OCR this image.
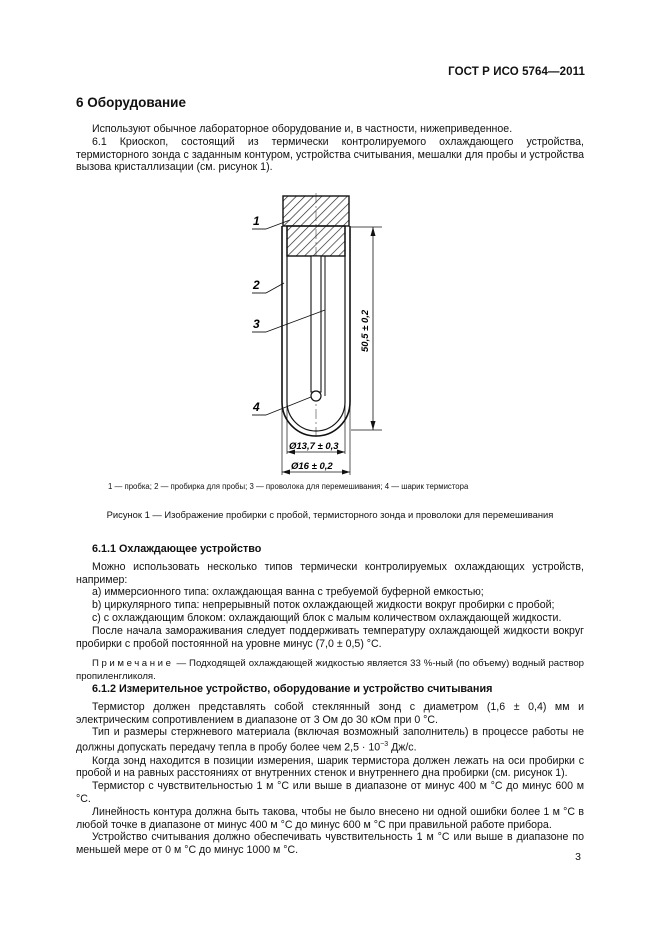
ГОСТ Р ИСО 5764—2011
6 Оборудование

Используют обычное лабораторное оборудование и, в частности, нижеприведенное.

6.1 Криоскоп, состоящий из термически контролируемого охлаждающего устройства, термисторного зонда с заданным контуром, устройства считывания, мешалки для пробы и устройства вызова кристаллизации (см. рисунок 1).

1
2
3
4
50,5 ± 0,2
Ø13,7 ± 0,3
Ø16 ± 0,2
1 — пробка; 2 — пробирка для пробы; 3 — проволока для перемешивания; 4 — шарик термистора
Рисунок 1 — Изображение пробирки с пробой, термисторного зонда и проволоки для перемешивания

6.1.1 Охлаждающее устройство

Можно использовать несколько типов термически контролируемых охлаждающих устройств, например:

a) иммерсионного типа: охлаждающая ванна с требуемой буферной емкостью;

b) циркулярного типа: непрерывный поток охлаждающей жидкости вокруг пробирки с пробой;

c) с охлаждающим блоком: охлаждающий блок с малым количеством охлаждающей жидкости.

После начала замораживания следует поддерживать температуру охлаждающей жидкости вокруг пробирки с пробой постоянной на уровне минус (7,0 ± 0,5) °С.

Примечание — Подходящей охлаждающей жидкостью является 33 %-ный (по объему) водный раствор пропиленгликоля.

6.1.2 Измерительное устройство, оборудование и устройство считывания

Термистор должен представлять собой стеклянный зонд с диаметром (1,6 ± 0,4) мм и электрическим сопротивлением в диапазоне от 3 Ом до 30 кОм при 0 °С.

Тип и размеры стержневого материала (включая возможный заполнитель) в процессе работы не должны допускать передачу тепла в пробу более чем $2,5 \cdot 10^{-3}$ Дж/с.

Когда зонд находится в позиции измерения, шарик термистора должен лежать на оси пробирки с пробой и на равных расстояниях от внутренних стенок и внутреннего дна пробирки (см. рисунок 1).

Термистор с чувствительностью 1 м °С или выше в диапазоне от минус 400 м °С до минус 600 м °С.

Линейность контура должна быть такова, чтобы не было внесено ни одной ошибки более 1 м °С в любой точке в диапазоне от минус 400 м °С до минус 600 м °С при правильной работе прибора.

Устройство считывания должно обеспечивать чувствительность 1 м °С или выше в диапазоне по меньшей мере от 0 м °С до минус 1000 м °С.

3
